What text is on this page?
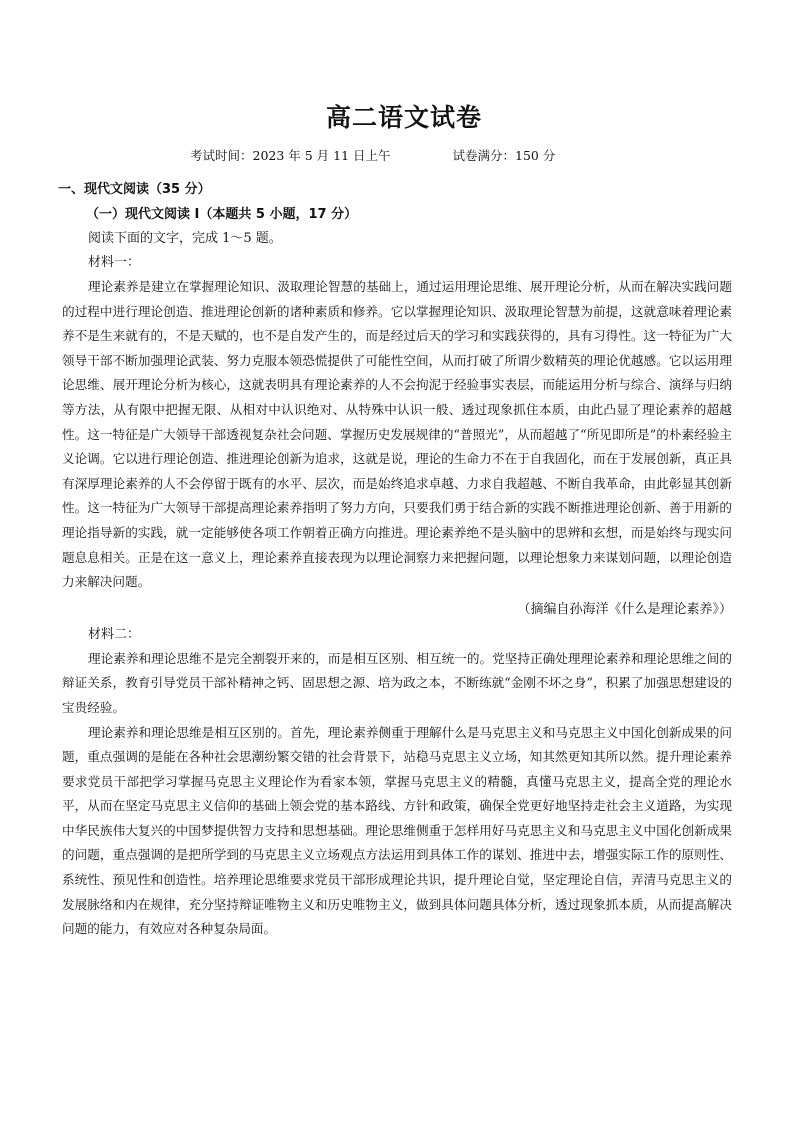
高二语文试卷
考试时间：2023 年 5 月 11 日上午	试卷满分：150 分
一、现代文阅读（35 分）
（一）现代文阅读 I（本题共 5 小题，17 分）
阅读下面的文字，完成 1～5 题。
材料一：

理论素养是建立在掌握理论知识、汲取理论智慧的基础上，通过运用理论思维、展开理论分析，从而在解决实践问题的过程中进行理论创造、推进理论创新的诸种素质和修养。它以掌握理论知识、汲取理论智慧为前提，这就意味着理论素养不是生来就有的，不是天赋的，也不是自发产生的，而是经过后天的学习和实践获得的，具有习得性。这一特征为广大领导干部不断加强理论武装、努力克服本领恐慌提供了可能性空间，从而打破了所谓少数精英的理论优越感。它以运用理论思维、展开理论分析为核心，这就表明具有理论素养的人不会拘泥于经验事实表层，而能运用分析与综合、演绎与归纳等方法，从有限中把握无限、从相对中认识绝对、从特殊中认识一般、透过现象抓住本质，由此凸显了理论素养的超越性。这一特征是广大领导干部透视复杂社会问题、掌握历史发展规律的“普照光”，从而超越了“所见即所是”的朴素经验主义论调。它以进行理论创造、推进理论创新为追求，这就是说，理论的生命力不在于自我固化，而在于发展创新，真正具有深厚理论素养的人不会停留于既有的水平、层次，而是始终追求卓越、力求自我超越、不断自我革命，由此彰显其创新性。这一特征为广大领导干部提高理论素养指明了努力方向，只要我们勇于结合新的实践不断推进理论创新、善于用新的理论指导新的实践，就一定能够使各项工作朝着正确方向推进。理论素养绝不是头脑中的思辨和玄想，而是始终与现实问题息息相关。正是在这一意义上，理论素养直接表现为以理论洞察力来把握问题，以理论想象力来谋划问题，以理论创造力来解决问题。

（摘编自孙海洋《什么是理论素养》）
材料二：

理论素养和理论思维不是完全割裂开来的，而是相互区别、相互统一的。党坚持正确处理理论素养和理论思维之间的辩证关系，教育引导党员干部补精神之钙、固思想之源、培为政之本，不断练就“金刚不坏之身”，积累了加强思想建设的宝贵经验。

理论素养和理论思维是相互区别的。首先，理论素养侧重于理解什么是马克思主义和马克思主义中国化创新成果的问题，重点强调的是能在各种社会思潮纷繁交错的社会背景下，站稳马克思主义立场，知其然更知其所以然。提升理论素养要求党员干部把学习掌握马克思主义理论作为看家本领，掌握马克思主义的精髓，真懂马克思主义，提高全党的理论水平，从而在坚定马克思主义信仰的基础上领会党的基本路线、方针和政策，确保全党更好地坚持走社会主义道路，为实现中华民族伟大复兴的中国梦提供智力支持和思想基础。理论思维侧重于怎样用好马克思主义和马克思主义中国化创新成果的问题，重点强调的是把所学到的马克思主义立场观点方法运用到具体工作的谋划、推进中去，增强实际工作的原则性、系统性、预见性和创造性。培养理论思维要求党员干部形成理论共识，提升理论自觉，坚定理论自信，弄清马克思主义的发展脉络和内在规律，充分坚持辩证唯物主义和历史唯物主义，做到具体问题具体分析，透过现象抓本质，从而提高解决问题的能力，有效应对各种复杂局面。
